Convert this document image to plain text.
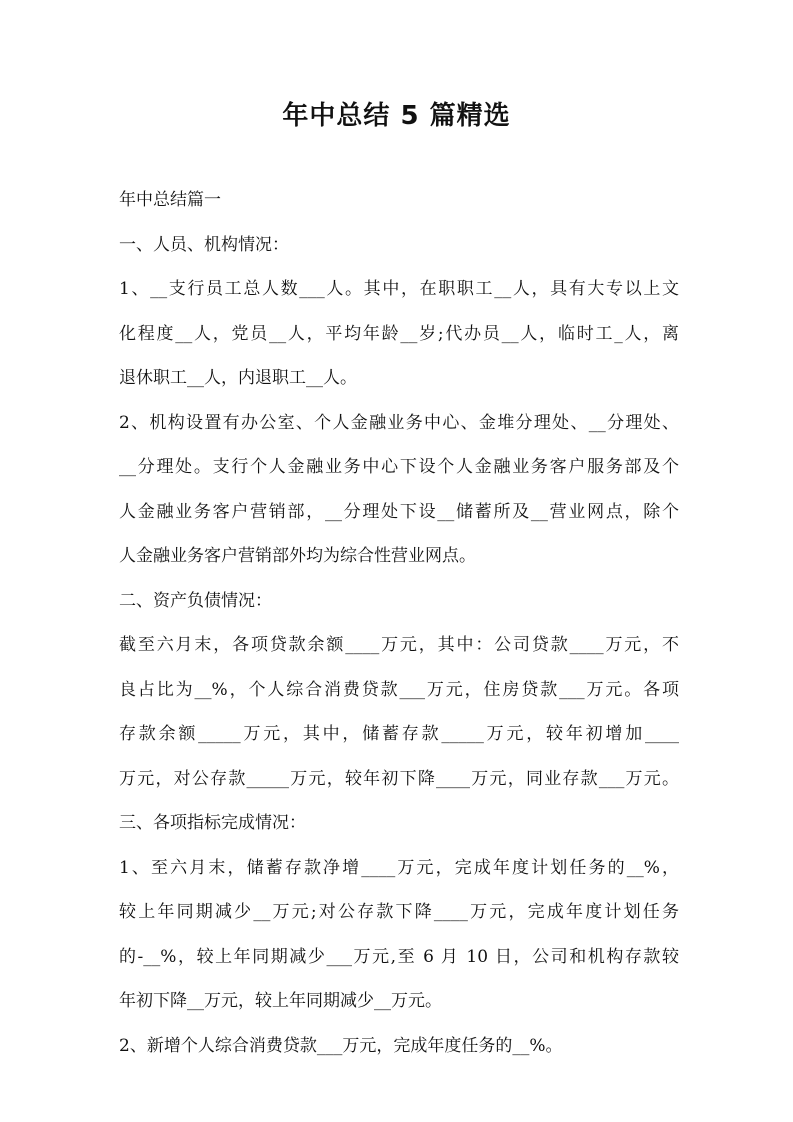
年中总结 5 篇精选
年中总结篇一
一、人员、机构情况：
1、__支行员工总人数___人。其中，在职职工__人，具有大专以上文
化程度__人，党员__人，平均年龄__岁;代办员__人，临时工_人，离
退休职工__人，内退职工__人。
2、机构设置有办公室、个人金融业务中心、金堆分理处、__分理处、
__分理处。支行个人金融业务中心下设个人金融业务客户服务部及个
人金融业务客户营销部，__分理处下设__储蓄所及__营业网点，除个
人金融业务客户营销部外均为综合性营业网点。
二、资产负债情况：
截至六月末，各项贷款余额____万元，其中：公司贷款____万元，不
良占比为__%，个人综合消费贷款___万元，住房贷款___万元。各项
存款余额_____万元，其中，储蓄存款_____万元，较年初增加____
万元，对公存款_____万元，较年初下降____万元，同业存款___万元。
三、各项指标完成情况：
1、至六月末，储蓄存款净增____万元，完成年度计划任务的__%，
较上年同期减少__万元;对公存款下降____万元，完成年度计划任务
的-__%，较上年同期减少___万元,至 6 月 10 日，公司和机构存款较
年初下降__万元，较上年同期减少__万元。
2、新增个人综合消费贷款___万元，完成年度任务的__%。
